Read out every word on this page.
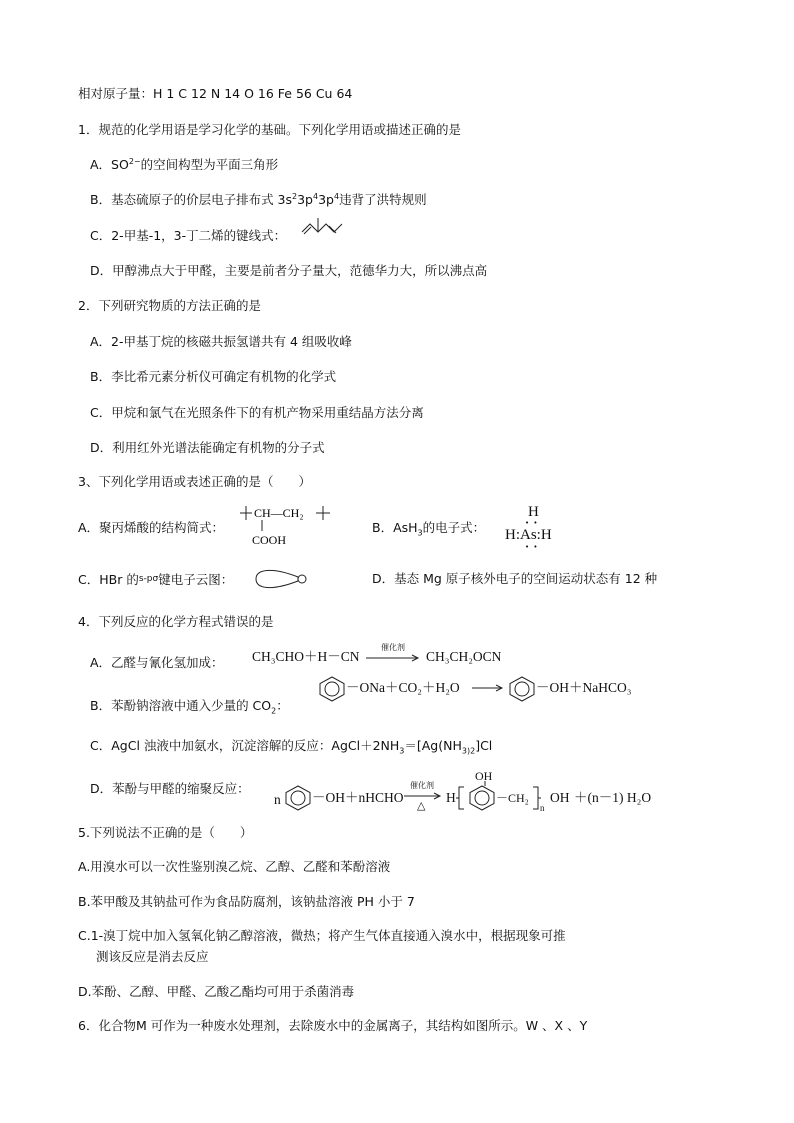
相对原子量：H 1 C 12 N 14 O 16 Fe 56 Cu 64
1．规范的化学用语是学习化学的基础。下列化学用语或描述正确的是
A．$SO^{2-}$的空间构型为平面三角形
B．基态硫原子的价层电子排布式 $3s^23p^43p^4$违背了洪特规则
C．2-甲基-1，3-丁二烯的键线式：
D．甲醇沸点大于甲醛，主要是前者分子量大，范德华力大，所以沸点高
2．下列研究物质的方法正确的是
A．2-甲基丁烷的核磁共振氢谱共有 4 组吸收峰
B．李比希元素分析仪可确定有机物的化学式
C．甲烷和氯气在光照条件下的有机产物采用重结晶方法分离
D．利用红外光谱法能确定有机物的分子式
3、下列化学用语或表述正确的是（　　）
A．聚丙烯酸的结构简式：
CH—CH₂
COOH
B．AsH$_3$的电子式：
H
• •
H:As:H
• •
C．HBr 的$^{s-p\sigma}$键电子云图：	D．基态 Mg 原子核外电子的空间运动状态有 12 种
4．下列反应的化学方程式错误的是
A．乙醛与氰化氢加成： CH₃CHO＋H－CN
催化剂
CH₃CH₂OCN
B．苯酚钠溶液中通入少量的 $CO_2$：
－ONa＋CO₂＋H₂O	－OH＋NaHCO₃
C．AgCl 浊液中加氨水，沉淀溶解的反应：$AgCl+2NH_3=[Ag(NH_{3)2}]Cl$
D．苯酚与甲醛的缩聚反应：
n －OH＋nHCHO
催化剂
△
H
OH
－CH₂
n
OH ＋(n－1) H₂O
5.下列说法不正确的是（　　）
A.用溴水可以一次性鉴别溴乙烷、乙醇、乙醛和苯酚溶液
B.苯甲酸及其钠盐可作为食品防腐剂，该钠盐溶液 PH 小于 7
C.1-溴丁烷中加入氢氧化钠乙醇溶液，微热；将产生气体直接通入溴水中，根据现象可推
测该反应是消去反应
D.苯酚、乙醇、甲醛、乙酸乙酯均可用于杀菌消毒
6．化合物M 可作为一种废水处理剂，去除废水中的金属离子，其结构如图所示。W 、X 、Y
